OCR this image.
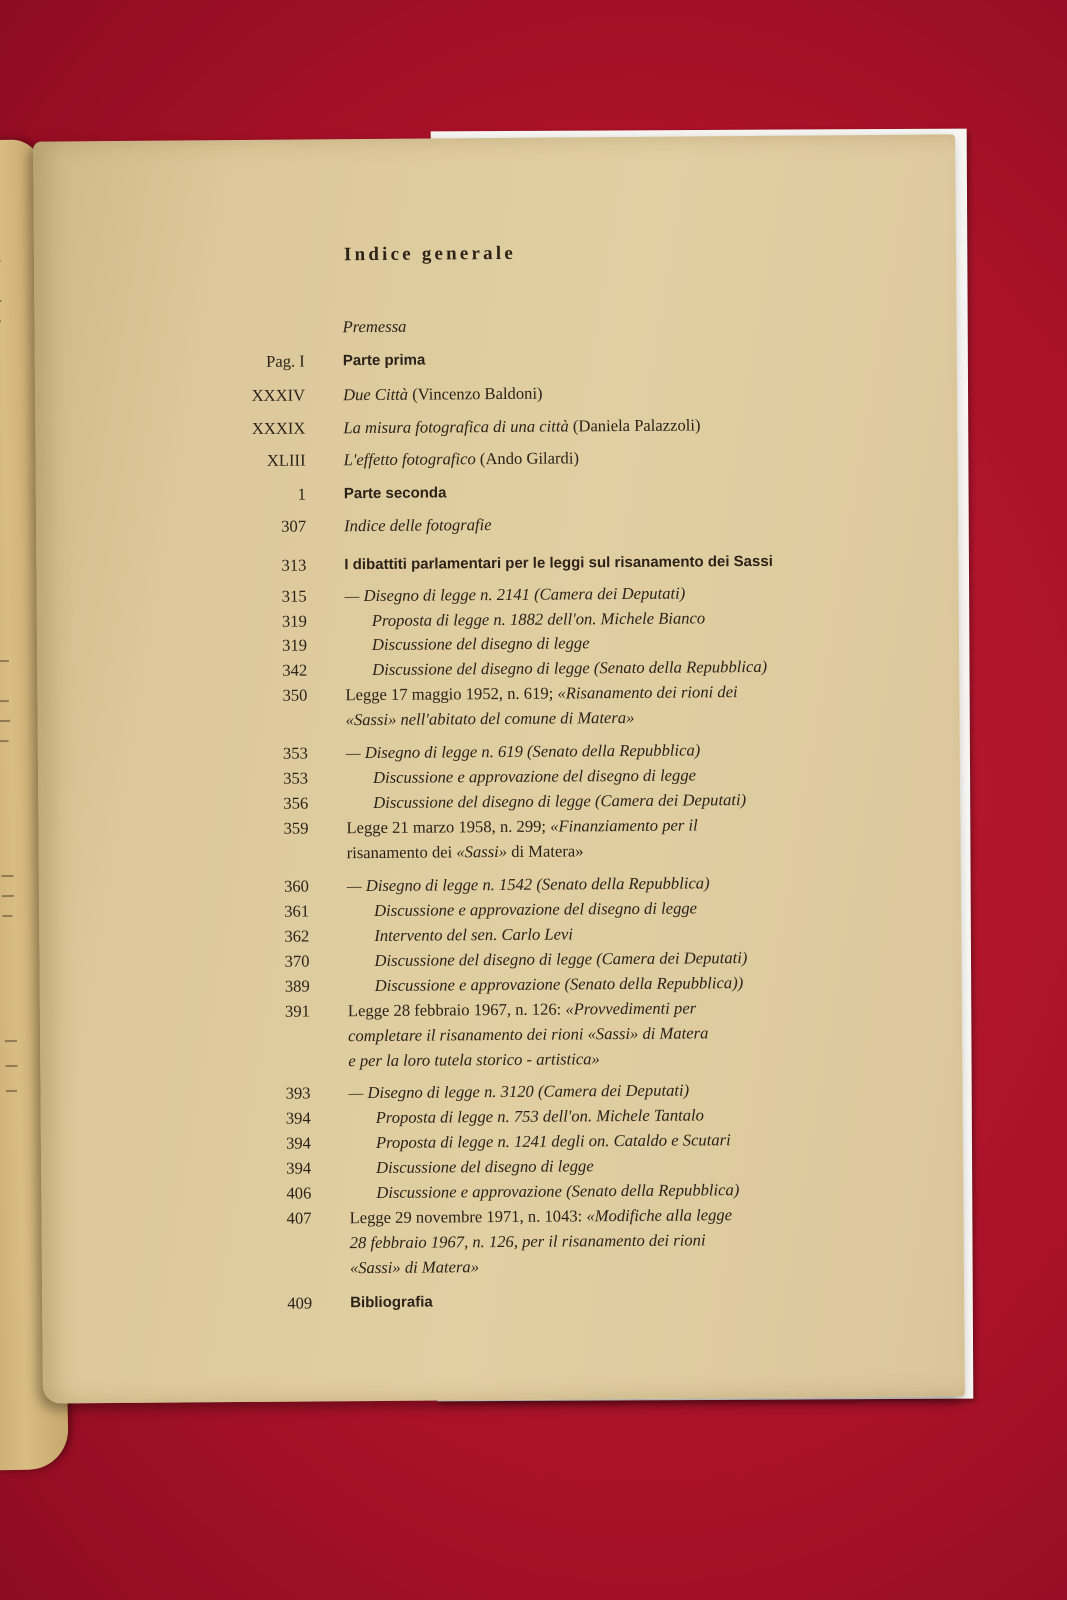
Indice generale
Premessa
Pag. I	Parte prima
XXXIV Due Città (Vincenzo Baldoni)
XXXIX La misura fotografica di una città (Daniela Palazzoli)
XLIII L'effetto fotografico (Ando Gilardi)
1	Parte seconda
307 Indice delle fotografie
313	I dibattiti parlamentari per le leggi sul risanamento dei Sassi
315 — Disegno di legge n. 2141 (Camera dei Deputati)
319	Proposta di legge n. 1882 dell'on. Michele Bianco
319	Discussione del disegno di legge
342	Discussione del disegno di legge (Senato della Repubblica)
350 Legge 17 maggio 1952, n. 619; «Risanamento dei rioni dei
«Sassi» nell'abitato del comune di Matera»
353 — Disegno di legge n. 619 (Senato della Repubblica)
353	Discussione e approvazione del disegno di legge
356	Discussione del disegno di legge (Camera dei Deputati)
359 Legge 21 marzo 1958, n. 299; «Finanziamento per il
risanamento dei «Sassi» di Matera»
360 — Disegno di legge n. 1542 (Senato della Repubblica)
361	Discussione e approvazione del disegno di legge
362	Intervento del sen. Carlo Levi
370	Discussione del disegno di legge (Camera dei Deputati)
389	Discussione e approvazione (Senato della Repubblica))
391 Legge 28 febbraio 1967, n. 126: «Provvedimenti per
completare il risanamento dei rioni «Sassi» di Matera
e per la loro tutela storico - artistica»
393 — Disegno di legge n. 3120 (Camera dei Deputati)
394	Proposta di legge n. 753 dell'on. Michele Tantalo
394	Proposta di legge n. 1241 degli on. Cataldo e Scutari
394	Discussione del disegno di legge
406	Discussione e approvazione (Senato della Repubblica)
407 Legge 29 novembre 1971, n. 1043: «Modifiche alla legge
28 febbraio 1967, n. 126, per il risanamento dei rioni
«Sassi» di Matera»
409	Bibliografia
